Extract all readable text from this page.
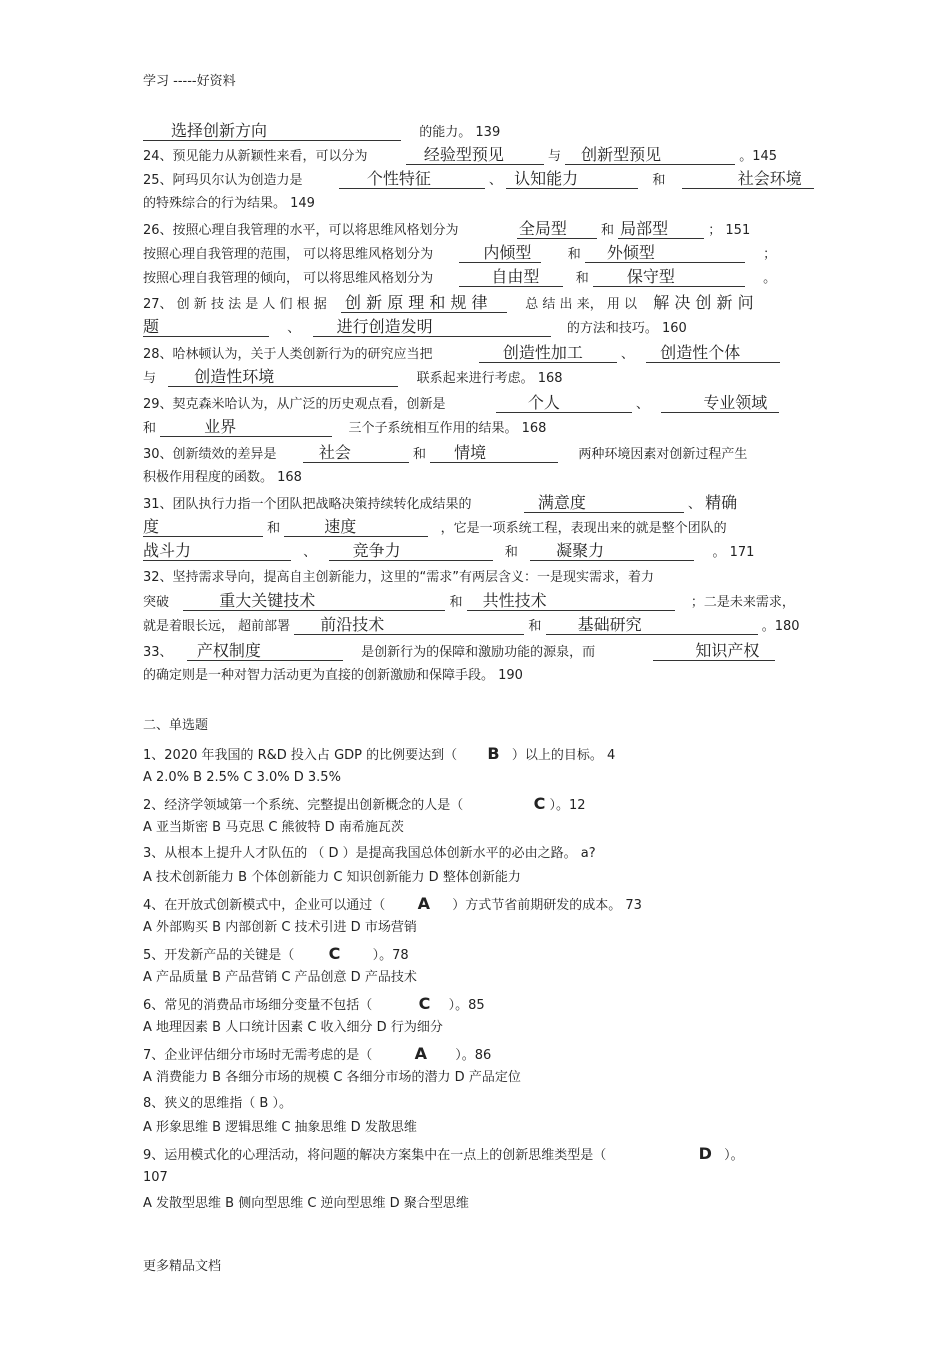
学习 -----好资料
选择创新方向	的能力。 139
24、预见能力从新颖性来看，可以分为	经验型预见	与 创新型预见	。145
25、阿玛贝尔认为创造力是	个性特征	、 认知能力	和	社会环境
的特殊综合的行为结果。 149
26、按照心理自我管理的水平，可以将思维风格划分为	全局型	和 局部型	； 151
按照心理自我管理的范围， 可以将思维风格划分为	内倾型	和 外倾型	；
按照心理自我管理的倾向， 可以将思维风格划分为	自由型	和 保守型	。
27、 创 新 技 法 是 人 们 根 据 创 新 原 理 和 规 律	总 结 出 来， 用 以 解 决 创 新 问
题	、 进行创造发明	的方法和技巧。 160
28、哈林顿认为，关于人类创新行为的研究应当把	创造性加工	、 创造性个体
与 创造性环境	联系起来进行考虑。 168
29、契克森米哈认为，从广泛的历史观点看，创新是	个人	、	专业领域
和	业界	三个子系统相互作用的结果。 168
30、创新绩效的差异是	社会	和 情境	两种环境因素对创新过程产生
积极作用程度的函数。 168
31、团队执行力指一个团队把战略决策持续转化成结果的	满意度	、 精确
度	和	速度	，它是一项系统工程，表现出来的就是整个团队的
战斗力	、 竞争力	和 凝聚力	。 171
32、坚持需求导向，提高自主创新能力，这里的“需求”有两层含义：一是现实需求，着力
突破	重大关键技术	和 共性技术	；二是未来需求，
就是着眼长远， 超前部署 前沿技术	和 基础研究	。180
33、 产权制度	是创新行为的保障和激励功能的源泉，而	知识产权
的确定则是一种对智力活动更为直接的创新激励和保障手段。 190
二、单选题
1、2020 年我国的 R&D 投入占 GDP 的比例要达到（ B ）以上的目标。 4
A 2.0% B 2.5% C 3.0% D 3.5%
2、经济学领域第一个系统、完整提出创新概念的人是（	C ）。12
A 亚当斯密 B 马克思 C 熊彼特 D 南希施瓦茨
3、从根本上提升人才队伍的 （ D ）是提高我国总体创新水平的必由之路。 a?
A 技术创新能力 B 个体创新能力 C 知识创新能力 D 整体创新能力
4、在开放式创新模式中，企业可以通过（ A ）方式节省前期研发的成本。 73
A 外部购买 B 内部创新 C 技术引进 D 市场营销
5、开发新产品的关键是（ C ）。78
A 产品质量 B 产品营销 C 产品创意 D 产品技术
6、常见的消费品市场细分变量不包括（	C ）。85
A 地理因素 B 人口统计因素 C 收入细分 D 行为细分
7、企业评估细分市场时无需考虑的是（	A ）。86
A 消费能力 B 各细分市场的规模 C 各细分市场的潜力 D 产品定位
8、狭义的思维指（ B ）。
A 形象思维 B 逻辑思维 C 抽象思维 D 发散思维
9、运用模式化的心理活动，将问题的解决方案集中在一点上的创新思维类型是（	D ）。
107
A 发散型思维 B 侧向型思维 C 逆向型思维 D 聚合型思维
更多精品文档
